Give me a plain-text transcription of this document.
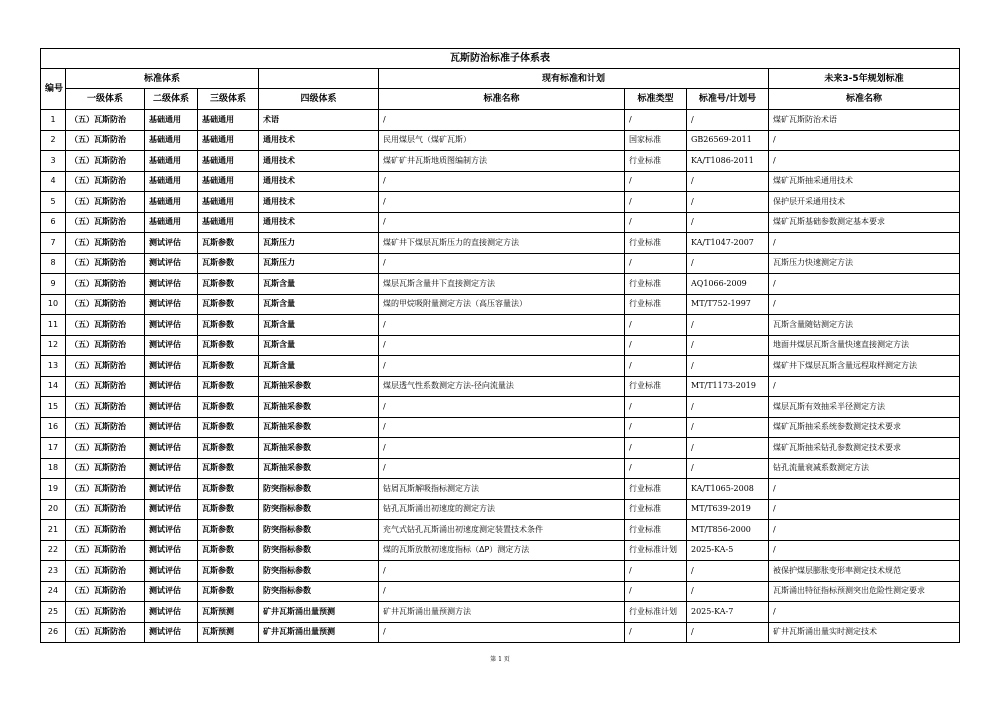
瓦斯防治标准子体系表								
编号	标准体系				现有标准和计划			未来3-5年规划标准
	一级体系	二级体系	三级体系	四级体系	标准名称	标准类型	标准号/计划号	标准名称
1	（五）瓦斯防治	基础通用	基础通用	术语	/	/	/	煤矿瓦斯防治术语
2	（五）瓦斯防治	基础通用	基础通用	通用技术	民用煤层气（煤矿瓦斯）	国家标准	GB26569-2011	/
3	（五）瓦斯防治	基础通用	基础通用	通用技术	煤矿矿井瓦斯地质图编制方法	行业标准	KA/T1086-2011	/
4	（五）瓦斯防治	基础通用	基础通用	通用技术	/	/	/	煤矿瓦斯抽采通用技术
5	（五）瓦斯防治	基础通用	基础通用	通用技术	/	/	/	保护层开采通用技术
6	（五）瓦斯防治	基础通用	基础通用	通用技术	/	/	/	煤矿瓦斯基础参数测定基本要求
7	（五）瓦斯防治	测试评估	瓦斯参数	瓦斯压力	煤矿井下煤层瓦斯压力的直接测定方法	行业标准	KA/T1047-2007	/
8	（五）瓦斯防治	测试评估	瓦斯参数	瓦斯压力	/	/	/	瓦斯压力快速测定方法
9	（五）瓦斯防治	测试评估	瓦斯参数	瓦斯含量	煤层瓦斯含量井下直接测定方法	行业标准	AQ1066-2009	/
10	（五）瓦斯防治	测试评估	瓦斯参数	瓦斯含量	煤的甲烷吸附量测定方法（高压容量法）	行业标准	MT/T752-1997	/
11	（五）瓦斯防治	测试评估	瓦斯参数	瓦斯含量	/	/	/	瓦斯含量随钻测定方法
12	（五）瓦斯防治	测试评估	瓦斯参数	瓦斯含量	/	/	/	地面井煤层瓦斯含量快速直接测定方法
13	（五）瓦斯防治	测试评估	瓦斯参数	瓦斯含量	/	/	/	煤矿井下煤层瓦斯含量远程取样测定方法
14	（五）瓦斯防治	测试评估	瓦斯参数	瓦斯抽采参数	煤层透气性系数测定方法-径向流量法	行业标准	MT/T1173-2019	/
15	（五）瓦斯防治	测试评估	瓦斯参数	瓦斯抽采参数	/	/	/	煤层瓦斯有效抽采半径测定方法
16	（五）瓦斯防治	测试评估	瓦斯参数	瓦斯抽采参数	/	/	/	煤矿瓦斯抽采系统参数测定技术要求
17	（五）瓦斯防治	测试评估	瓦斯参数	瓦斯抽采参数	/	/	/	煤矿瓦斯抽采钻孔参数测定技术要求
18	（五）瓦斯防治	测试评估	瓦斯参数	瓦斯抽采参数	/	/	/	钻孔流量衰减系数测定方法
19	（五）瓦斯防治	测试评估	瓦斯参数	防突指标参数	钻屑瓦斯解吸指标测定方法	行业标准	KA/T1065-2008	/
20	（五）瓦斯防治	测试评估	瓦斯参数	防突指标参数	钻孔瓦斯涌出初速度的测定方法	行业标准	MT/T639-2019	/
21	（五）瓦斯防治	测试评估	瓦斯参数	防突指标参数	充气式钻孔瓦斯涌出初速度测定装置技术条件	行业标准	MT/T856-2000	/
22	（五）瓦斯防治	测试评估	瓦斯参数	防突指标参数	煤的瓦斯放散初速度指标（ΔP）测定方法	行业标准计划	2025-KA-5	/
23	（五）瓦斯防治	测试评估	瓦斯参数	防突指标参数	/	/	/	被保护煤层膨胀变形率测定技术规范
24	（五）瓦斯防治	测试评估	瓦斯参数	防突指标参数	/	/	/	瓦斯涌出特征指标预测突出危险性测定要求
25	（五）瓦斯防治	测试评估	瓦斯预测	矿井瓦斯涌出量预测	矿井瓦斯涌出量预测方法	行业标准计划	2025-KA-7	/
26	（五）瓦斯防治	测试评估	瓦斯预测	矿井瓦斯涌出量预测	/	/	/	矿井瓦斯涌出量实时测定技术
第 1 页
